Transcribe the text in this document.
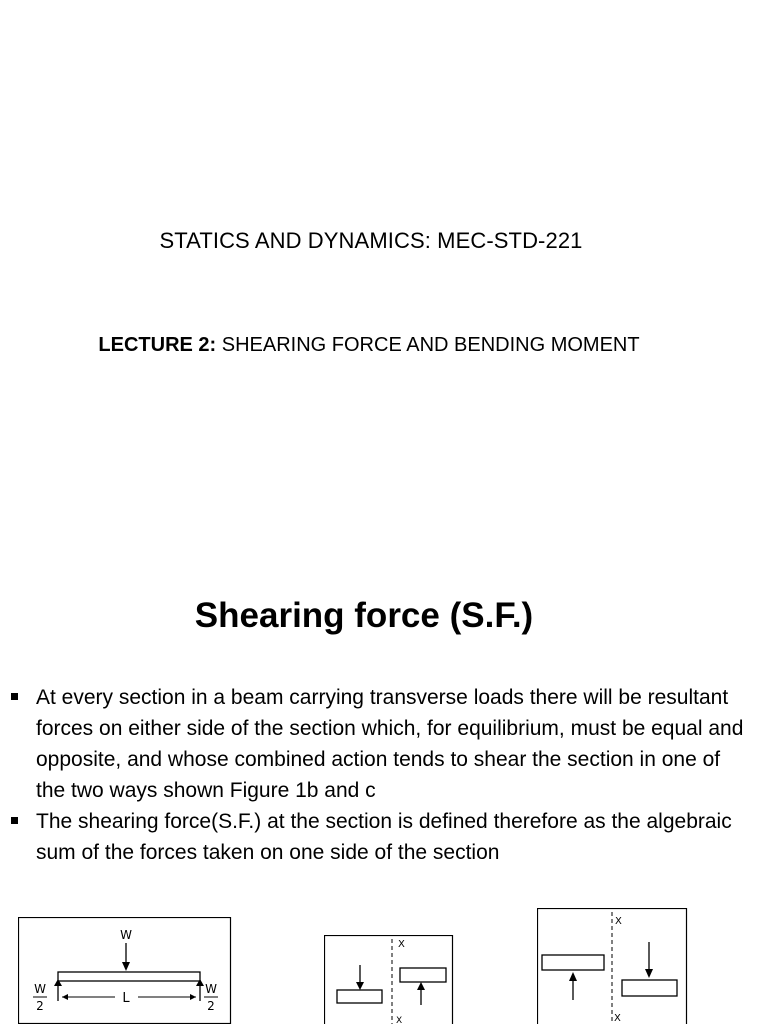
STATICS AND DYNAMICS: MEC-STD-221
LECTURE 2: SHEARING FORCE AND BENDING MOMENT
Shearing force (S.F.)
At every section in a beam carrying transverse loads there will be resultant forces on either side of the section which, for equilibrium, must be equal and opposite, and whose combined action tends to shear the section in one of the two ways shown Figure 1b and c
The shearing force(S.F.) at the section is defined therefore as the algebraic sum of the forces taken on one side of the section
W
L
W
2
W
2
X
X
X
X
